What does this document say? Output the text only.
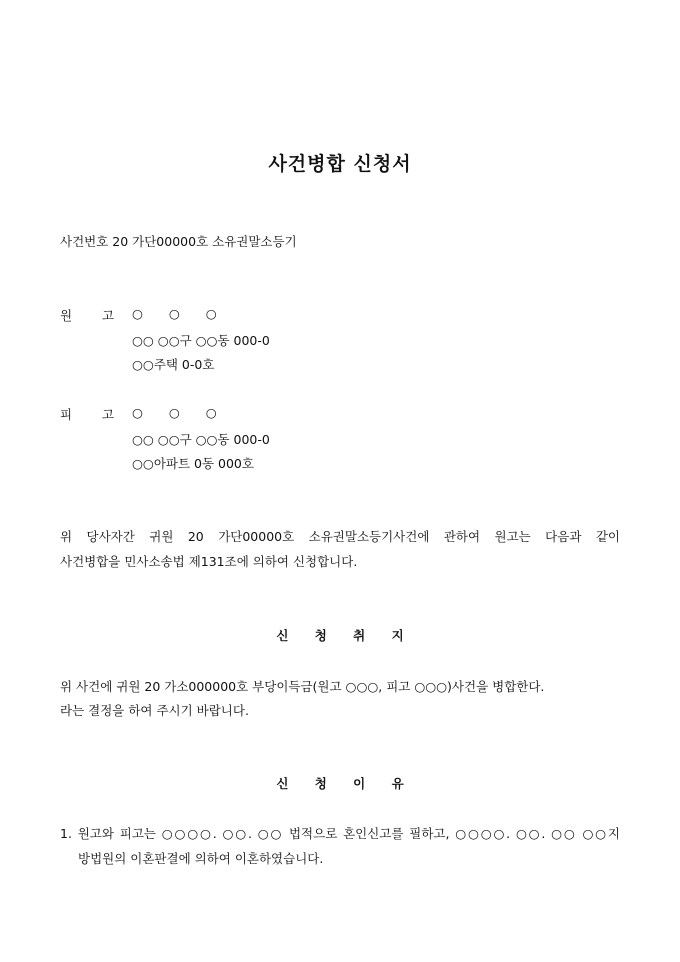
사건병합 신청서
사건번호 20 가단00000호 소유권말소등기
원 고 ○ ○ ○
○○ ○○구 ○○동 000-0
○○주택 0-0호
피 고 ○ ○ ○
○○ ○○구 ○○동 000-0
○○아파트 0동 000호
위 당사자간 귀원 20 가단00000호 소유권말소등기사건에 관하여 원고는 다음과 같이
사건병합을 민사소송법 제131조에 의하여 신청합니다.
신 청 취 지
위 사건에 귀원 20 가소000000호 부당이득금(원고 ○○○, 피고 ○○○)사건을 병합한다.
라는 결정을 하여 주시기 바랍니다.
신 청 이 유
1. 원고와 피고는 ○○○○. ○○. ○○ 법적으로 혼인신고를 필하고, ○○○○. ○○. ○○ ○○지
방법원의 이혼판결에 의하여 이혼하였습니다.
